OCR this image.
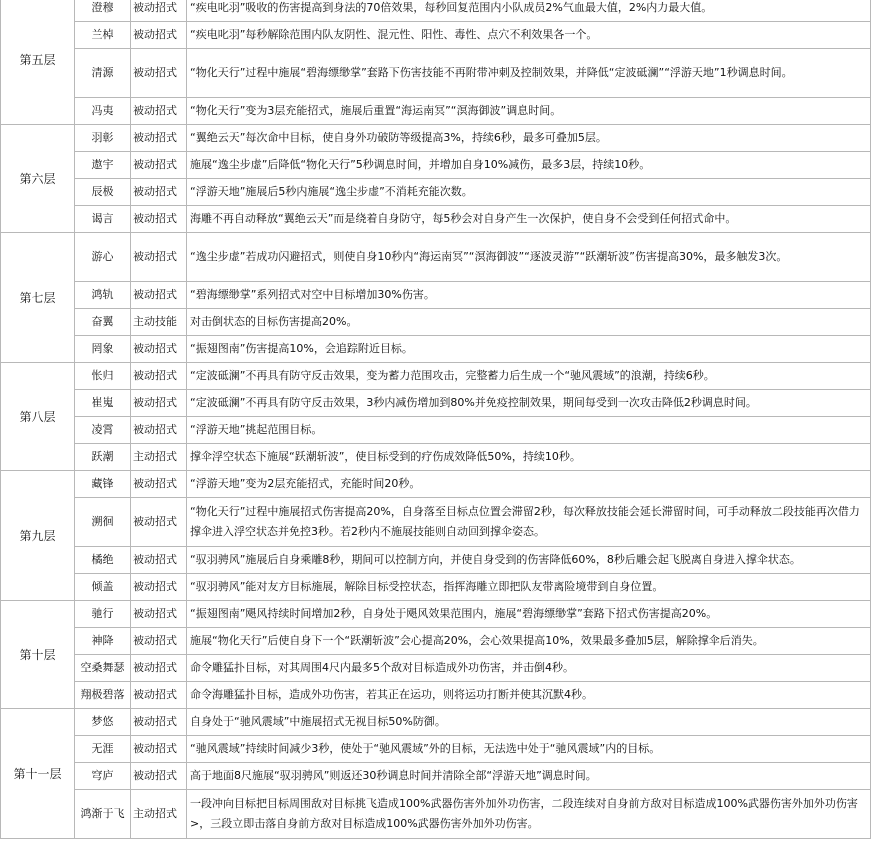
第五层	澄穆	被动招式	“疾电叱羽”吸收的伤害提高到身法的70倍效果，每秒回复范围内小队成员2%气血最大值，2%内力最大值。
	兰棹	被动招式	“疾电叱羽”每秒解除范围内队友阴性、混元性、阳性、毒性、点穴不利效果各一个。
	清源	被动招式	“物化天行”过程中施展“碧海缥缈掌”套路下伤害技能不再附带冲刺及控制效果，并降低“定波砥澜”“浮游天地”1秒调息时间。
	冯夷	被动招式	“物化天行”变为3层充能招式，施展后重置“海运南冥”“溟海御波”调息时间。
第六层	羽彰	被动招式	“翼绝云天”每次命中目标，使自身外功破防等级提高3%，持续6秒，最多可叠加5层。
	遨宇	被动招式	施展“逸尘步虚”后降低“物化天行”5秒调息时间，并增加自身10%减伤，最多3层，持续10秒。
	辰极	被动招式	“浮游天地”施展后5秒内施展“逸尘步虚”不消耗充能次数。
	谒言	被动招式	海雕不再自动释放“翼绝云天”而是绕着自身防守，每5秒会对自身产生一次保护，使自身不会受到任何招式命中。
第七层	游心	被动招式	“逸尘步虚”若成功闪避招式，则使自身10秒内“海运南冥”“溟海御波”“逐波灵游”“跃潮斩波”伤害提高30%，最多触发3次。
	鸿轨	被动招式	“碧海缥缈掌”系列招式对空中目标增加30%伤害。
	奋翼	主动技能	对击倒状态的目标伤害提高20%。
	罔象	被动招式	“振翅图南”伤害提高10%，会追踪附近目标。
第八层	怅归	被动招式	“定波砥澜”不再具有防守反击效果，变为蓄力范围攻击，完整蓄力后生成一个“驰风震域”的浪潮，持续6秒。
	崔嵬	被动招式	“定波砥澜”不再具有防守反击效果，3秒内减伤增加到80%并免疫控制效果，期间每受到一次攻击降低2秒调息时间。
	凌霄	被动招式	“浮游天地”挑起范围目标。
	跃潮	主动招式	撑伞浮空状态下施展“跃潮斩波”，使目标受到的疗伤成效降低50%，持续10秒。
第九层	藏锋	被动招式	“浮游天地”变为2层充能招式，充能时间20秒。
	溯徊	被动招式	“物化天行”过程中施展招式伤害提高20%，自身落至目标点位置会滞留2秒，每次释放技能会延长滞留时间，可手动释放二段技能再次借力撑伞进入浮空状态并免控3秒。若2秒内不施展技能则自动回到撑伞姿态。
	橘绝	被动招式	“驭羽骋风”施展后自身乘雕8秒，期间可以控制方向，并使自身受到的伤害降低60%，8秒后雕会起飞脱离自身进入撑伞状态。
	倾盖	被动招式	“驭羽骋风”能对友方目标施展，解除目标受控状态，指挥海雕立即把队友带离险境带到自身位置。
第十层	驰行	被动招式	“振翅图南”飓风持续时间增加2秒，自身处于飓风效果范围内，施展“碧海缥缈掌”套路下招式伤害提高20%。
	神降	被动招式	施展“物化天行”后使自身下一个“跃潮斩波”会心提高20%，会心效果提高10%，效果最多叠加5层，解除撑伞后消失。
	空桑舞瑟	被动招式	命令雕猛扑目标，对其周围4尺内最多5个敌对目标造成外功伤害，并击倒4秒。
	翔极碧落	被动招式	命令海雕猛扑目标，造成外功伤害，若其正在运功，则将运功打断并使其沉默4秒。
第十一层	梦悠	被动招式	自身处于“驰风震域”中施展招式无视目标50%防御。
	无涯	被动招式	“驰风震域”持续时间减少3秒，使处于“驰风震域”外的目标，无法选中处于“驰风震域”内的目标。
	穹庐	被动招式	高于地面8尺施展“驭羽骋风”则返还30秒调息时间并清除全部“浮游天地”调息时间。
	鸿渐于飞	主动招式	一段冲向目标把目标周围敌对目标挑飞造成100%武器伤害外加外功伤害，二段连续对自身前方敌对目标造成100%武器伤害外加外功伤害>，三段立即击落自身前方敌对目标造成100%武器伤害外加外功伤害。
